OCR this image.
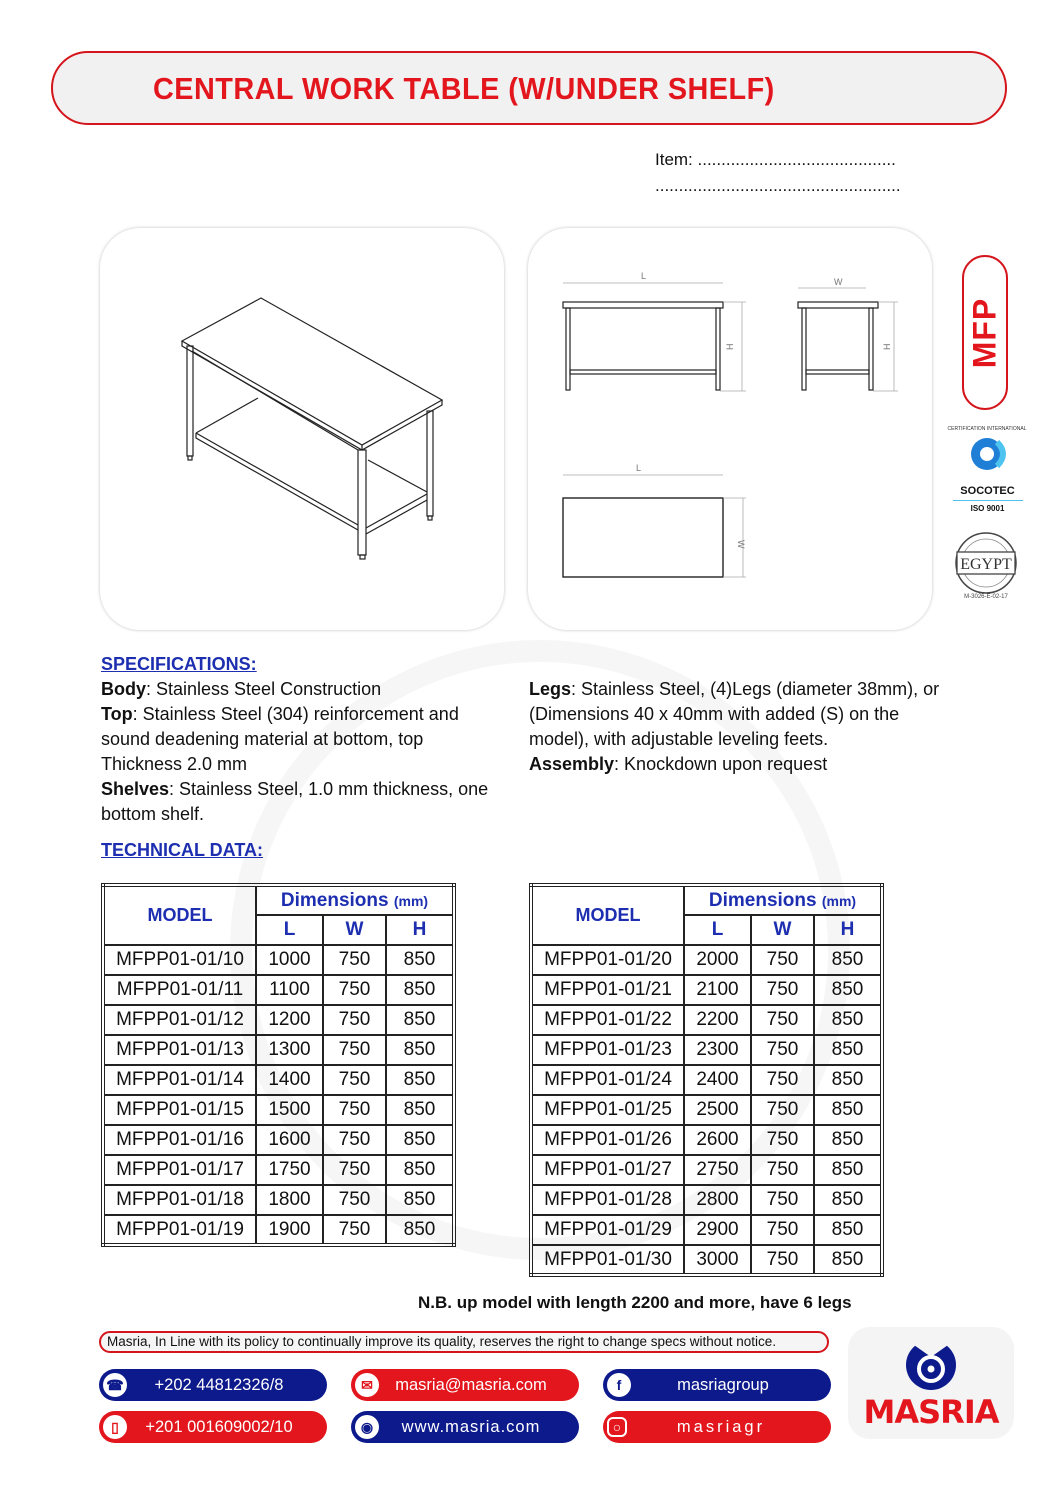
CENTRAL WORK TABLE (W/UNDER SHELF)
Item: ..........................................
....................................................
L
H
W
H
L
W
MFP
CERTIFICATION INTERNATIONAL
SOCOTEC
ISO 9001
EGYPT
M-3026-E-02-17
SPECIFICATIONS:
Body: Stainless Steel Construction
Top: Stainless Steel (304) reinforcement and sound deadening material at bottom, top Thickness 2.0 mm
Shelves: Stainless Steel, 1.0 mm thickness, one bottom shelf.
Legs: Stainless Steel, (4)Legs (diameter 38mm), or (Dimensions 40 x 40mm with added (S) on the model), with adjustable leveling feets.
Assembly: Knockdown upon request
TECHNICAL DATA:
MODEL	Dimensions (mm)		
	L	W	H
MFPP01-01/10	1000	750	850
MFPP01-01/11	1100	750	850
MFPP01-01/12	1200	750	850
MFPP01-01/13	1300	750	850
MFPP01-01/14	1400	750	850
MFPP01-01/15	1500	750	850
MFPP01-01/16	1600	750	850
MFPP01-01/17	1750	750	850
MFPP01-01/18	1800	750	850
MFPP01-01/19	1900	750	850
MODEL	Dimensions (mm)		
	L	W	H
MFPP01-01/20	2000	750	850
MFPP01-01/21	2100	750	850
MFPP01-01/22	2200	750	850
MFPP01-01/23	2300	750	850
MFPP01-01/24	2400	750	850
MFPP01-01/25	2500	750	850
MFPP01-01/26	2600	750	850
MFPP01-01/27	2750	750	850
MFPP01-01/28	2800	750	850
MFPP01-01/29	2900	750	850
MFPP01-01/30	3000	750	850
N.B. up model with length 2200 and more, have 6 legs
Masria, In Line with its policy to continually improve its quality, reserves the right to change specs without notice.
☎	+202 44812326/8
▯	+201 001609002/10
✉	masria@masria.com
◉	www.masria.com
f	masriagroup
○	masriagr	MASRIA
